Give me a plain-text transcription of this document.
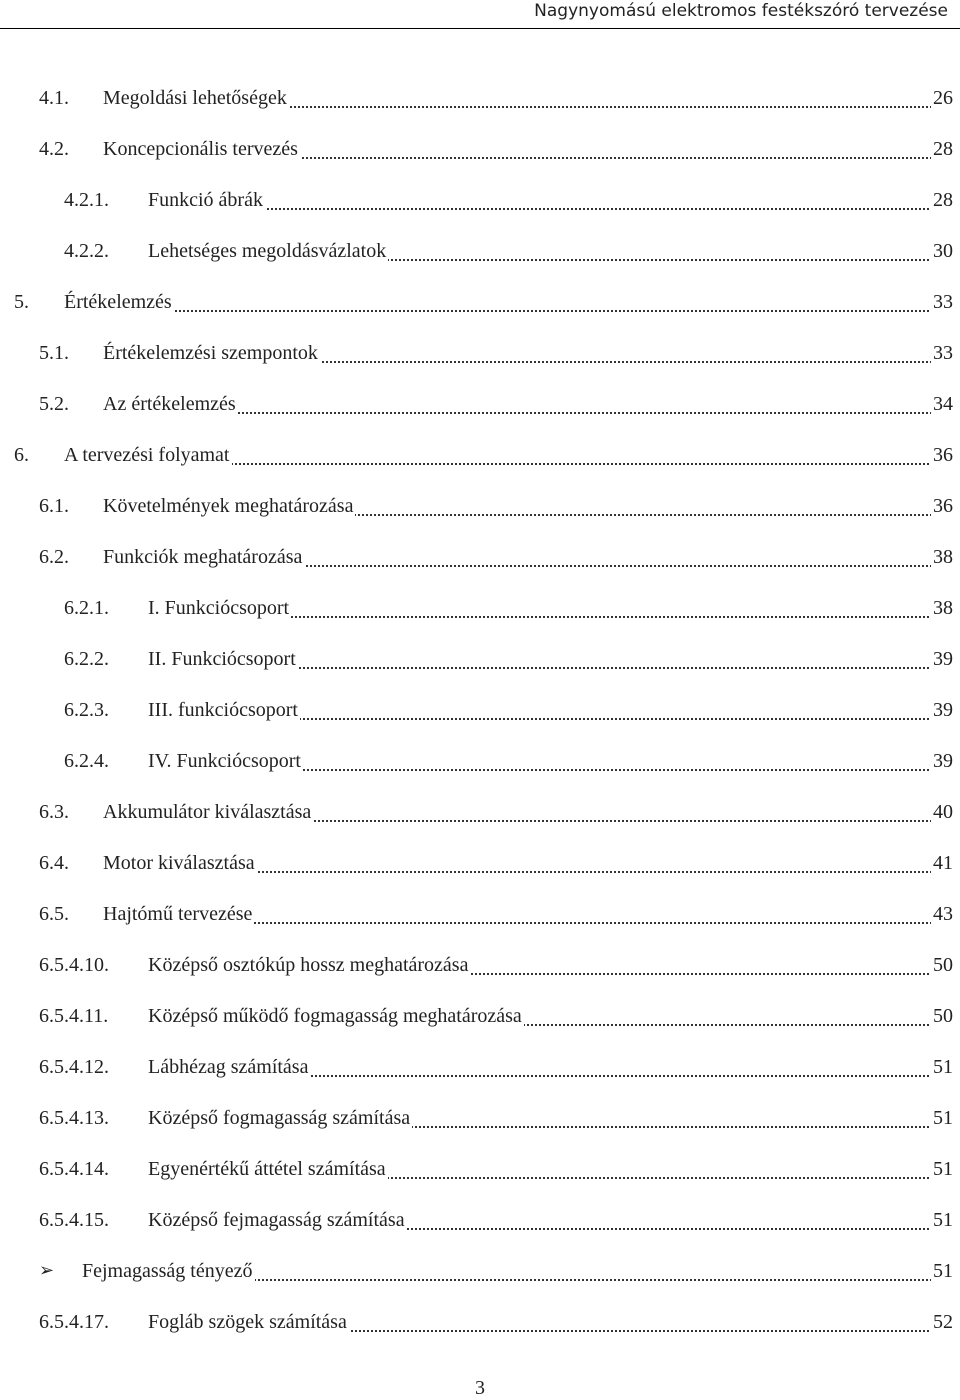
Nagynyomású elektromos festékszóró tervezése
4.1. Megoldási lehetőségek	26
4.2. Koncepcionális tervezés	28
4.2.1. Funkció ábrák	28
4.2.2. Lehetséges megoldásvázlatok	30
5. Értékelemzés	33
5.1. Értékelemzési szempontok	33
5.2. Az értékelemzés	34
6. A tervezési folyamat	36
6.1. Követelmények meghatározása	36
6.2. Funkciók meghatározása	38
6.2.1. I. Funkciócsoport	38
6.2.2. II. Funkciócsoport	39
6.2.3. III. funkciócsoport	39
6.2.4. IV. Funkciócsoport	39
6.3. Akkumulátor kiválasztása	40
6.4. Motor kiválasztása	41
6.5. Hajtómű tervezése	43
6.5.4.10. Középső osztókúp hossz meghatározása	50
6.5.4.11. Középső működő fogmagasság meghatározása	50
6.5.4.12. Lábhézag számítása	51
6.5.4.13. Középső fogmagasság számítása	51
6.5.4.14. Egyenértékű áttétel számítása	51
6.5.4.15. Középső fejmagasság számítása	51
➢ Fejmagasság tényező	51
6.5.4.17. Fogláb szögek számítása	52
3
